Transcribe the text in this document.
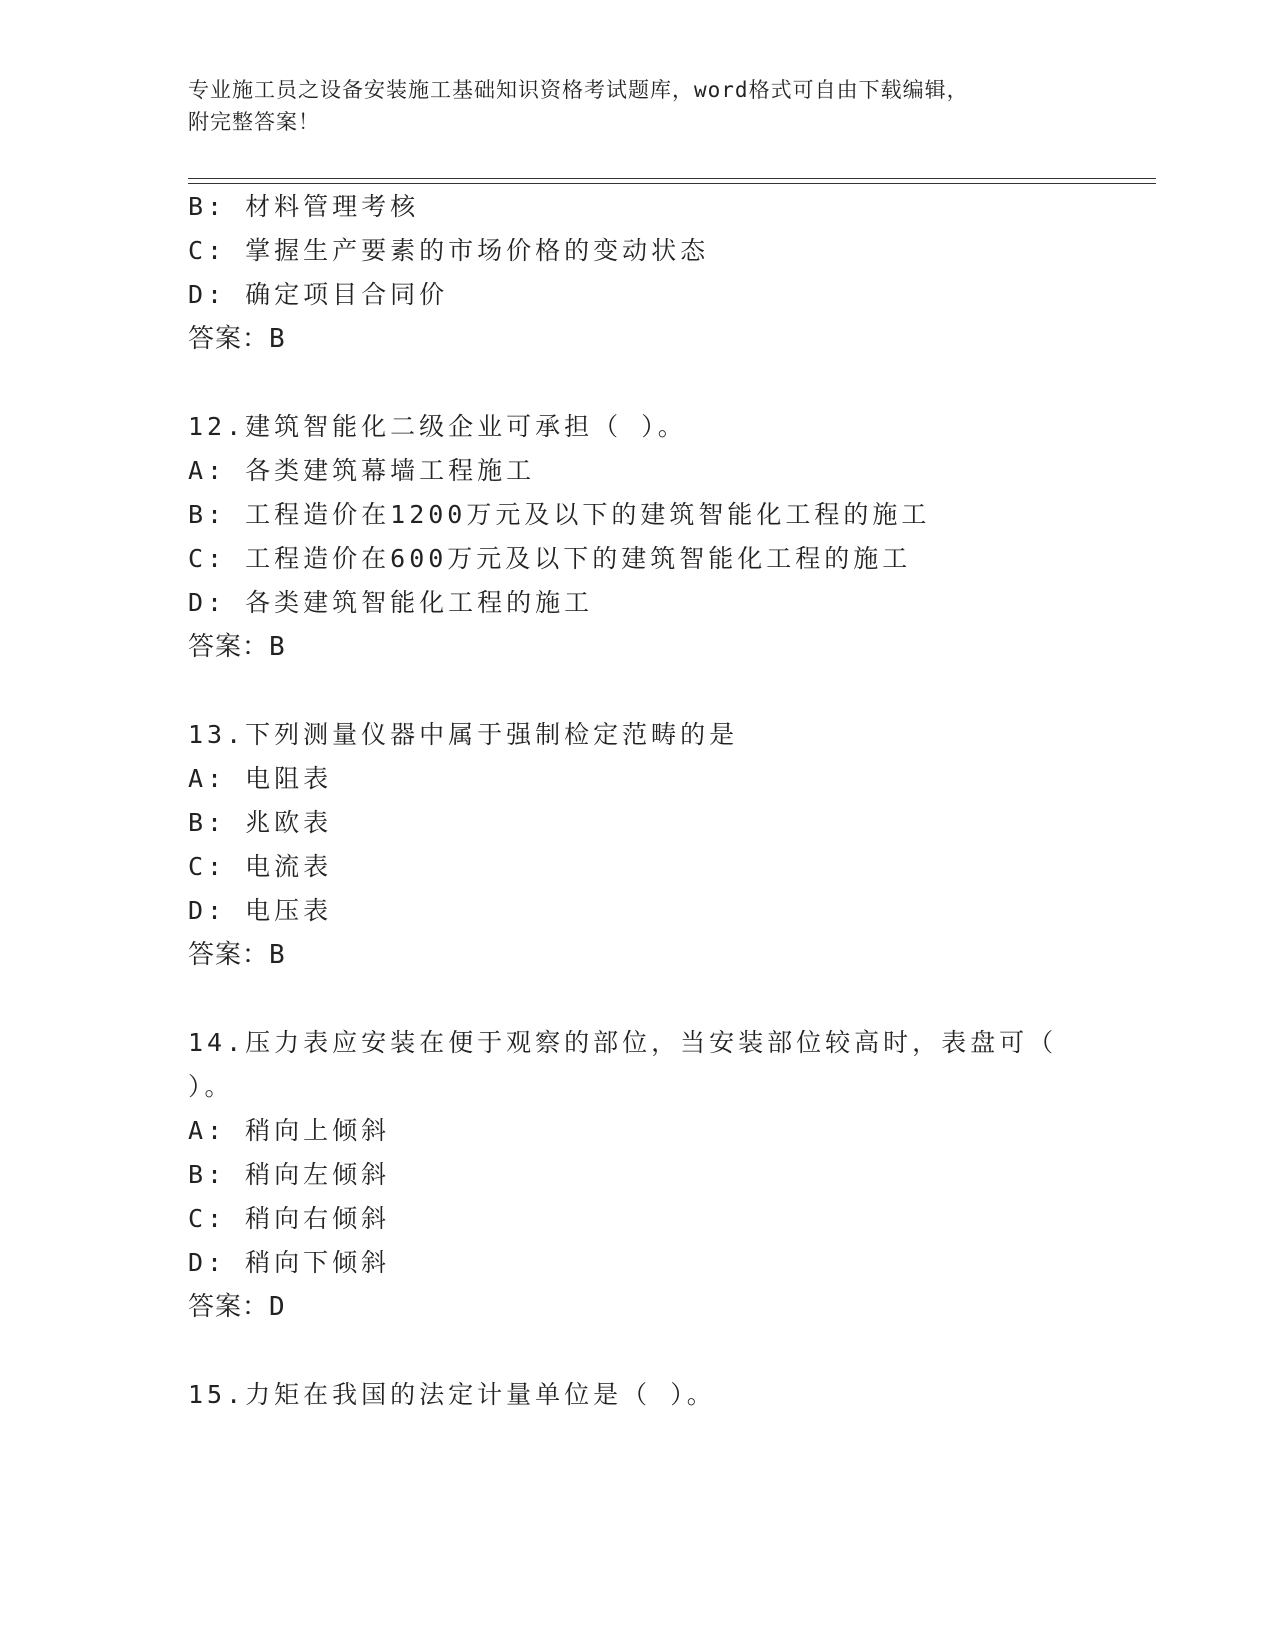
专业施工员之设备安装施工基础知识资格考试题库，word格式可自由下载编辑，
附完整答案！
B: 材料管理考核
C: 掌握生产要素的市场价格的变动状态
D: 确定项目合同价
答案：B
12.建筑智能化二级企业可承担（ ）。
A: 各类建筑幕墙工程施工
B: 工程造价在1200万元及以下的建筑智能化工程的施工
C: 工程造价在600万元及以下的建筑智能化工程的施工
D: 各类建筑智能化工程的施工
答案：B
13.下列测量仪器中属于强制检定范畴的是
A: 电阻表
B: 兆欧表
C: 电流表
D: 电压表
答案：B
14.压力表应安装在便于观察的部位，当安装部位较高时，表盘可（
）。
A: 稍向上倾斜
B: 稍向左倾斜
C: 稍向右倾斜
D: 稍向下倾斜
答案：D
15.力矩在我国的法定计量单位是（ ）。
